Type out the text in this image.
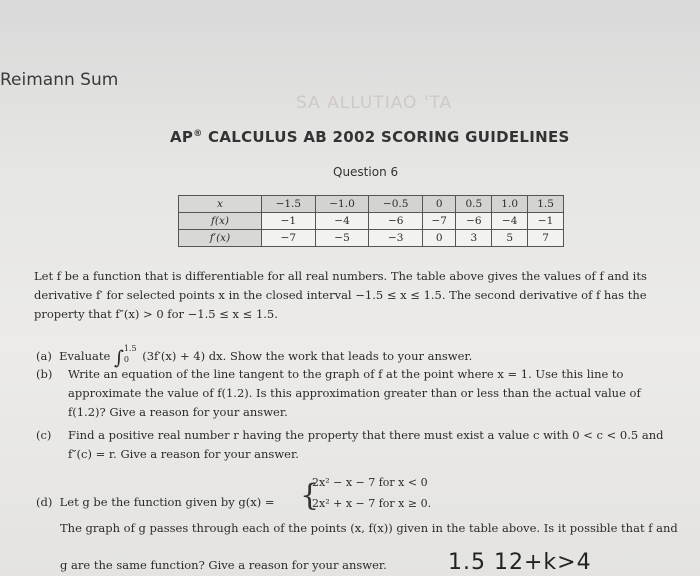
Reimann Sum
SA ALLUTIAO 'TA
AP® CALCULUS AB 2002 SCORING GUIDELINES
Question 6
x	−1.5	−1.0	−0.5	0	0.5	1.0	1.5
f(x)	−1	−4	−6	−7	−6	−4	−1
f′(x)	−7	−5	−3	0	3	5	7
Let f be a function that is differentiable for all real numbers. The table above gives the values of f and its derivative f′ for selected points x in the closed interval −1.5 ≤ x ≤ 1.5. The second derivative of f has the property that f″(x) > 0 for −1.5 ≤ x ≤ 1.5.
(a) Evaluate ∫1.5
0 (3f′(x) + 4) dx. Show the work that leads to your answer.
(b) Write an equation of the line tangent to the graph of f at the point where x = 1. Use this line to approximate the value of f(1.2). Is this approximation greater than or less than the actual value of f(1.2)? Give a reason for your answer.
(c) Find a positive real number r having the property that there must exist a value c with 0 < c < 0.5 and f″(c) = r. Give a reason for your answer.
(d) Let g be the function given by g(x) = {
2x² − x − 7 for x < 0
2x² + x − 7 for x ≥ 0.
The graph of g passes through each of the points (x, f(x)) given in the table above. Is it possible that f and
g are the same function? Give a reason for your answer.	1.5 12+k>4
